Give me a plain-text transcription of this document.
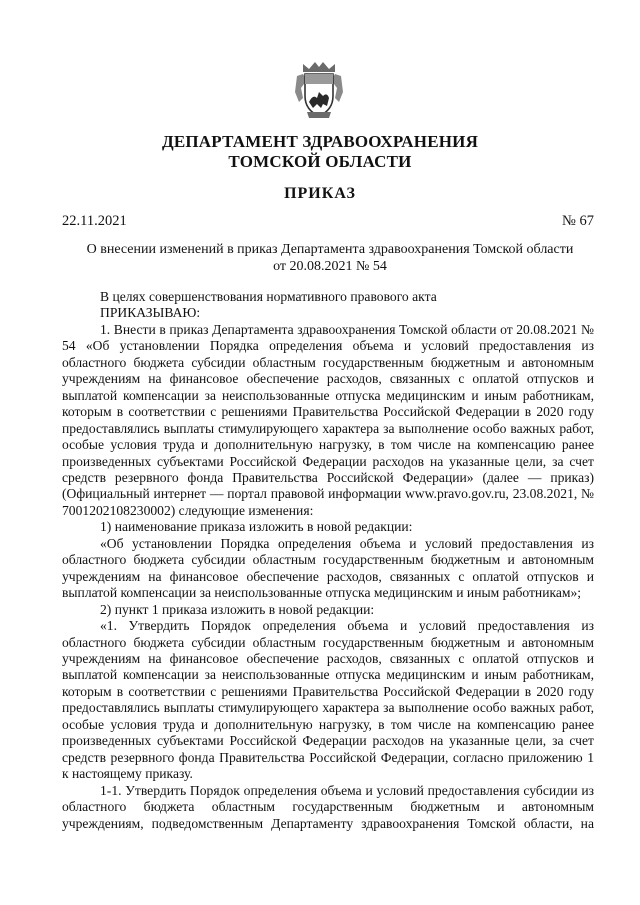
ДЕПАРТАМЕНТ ЗДРАВООХРАНЕНИЯ
ТОМСКОЙ ОБЛАСТИ
ПРИКАЗ
22.11.2021	№ 67
О внесении изменений в приказ Департамента здравоохранения Томской области
от 20.08.2021 № 54

В целях совершенствования нормативного правового акта

ПРИКАЗЫВАЮ:

1. Внести в приказ Департамента здравоохранения Томской области от 20.08.2021 № 54 «Об установлении Порядка определения объема и условий предоставления из областного бюджета субсидии областным государственным бюджетным и автономным учреждениям на финансовое обеспечение расходов, связанных с оплатой отпусков и выплатой компенсации за неиспользованные отпуска медицинским и иным работникам, которым в соответствии с решениями Правительства Российской Федерации в 2020 году предоставлялись выплаты стимулирующего характера за выполнение особо важных работ, особые условия труда и дополнительную нагрузку, в том числе на компенсацию ранее произведенных субъектами Российской Федерации расходов на указанные цели, за счет средств резервного фонда Правительства Российской Федерации» (далее — приказ) (Официальный интернет — портал правовой информации www.pravo.gov.ru, 23.08.2021, № 7001202108230002) следующие изменения:

1) наименование приказа изложить в новой редакции:

«Об установлении Порядка определения объема и условий предоставления из областного бюджета субсидии областным государственным бюджетным и автономным учреждениям на финансовое обеспечение расходов, связанных с оплатой отпусков и выплатой компенсации за неиспользованные отпуска медицинским и иным работникам»;

2) пункт 1 приказа изложить в новой редакции:

«1. Утвердить Порядок определения объема и условий предоставления из областного бюджета субсидии областным государственным бюджетным и автономным учреждениям на финансовое обеспечение расходов, связанных с оплатой отпусков и выплатой компенсации за неиспользованные отпуска медицинским и иным работникам, которым в соответствии с решениями Правительства Российской Федерации в 2020 году предоставлялись выплаты стимулирующего характера за выполнение особо важных работ, особые условия труда и дополнительную нагрузку, в том числе на компенсацию ранее произведенных субъектами Российской Федерации расходов на указанные цели, за счет средств резервного фонда Правительства Российской Федерации, согласно приложению 1 к настоящему приказу.

1-1. Утвердить Порядок определения объема и условий предоставления субсидии из областного бюджета областным государственным бюджетным и автономным учреждениям, подведомственным Департаменту здравоохранения Томской области, на
